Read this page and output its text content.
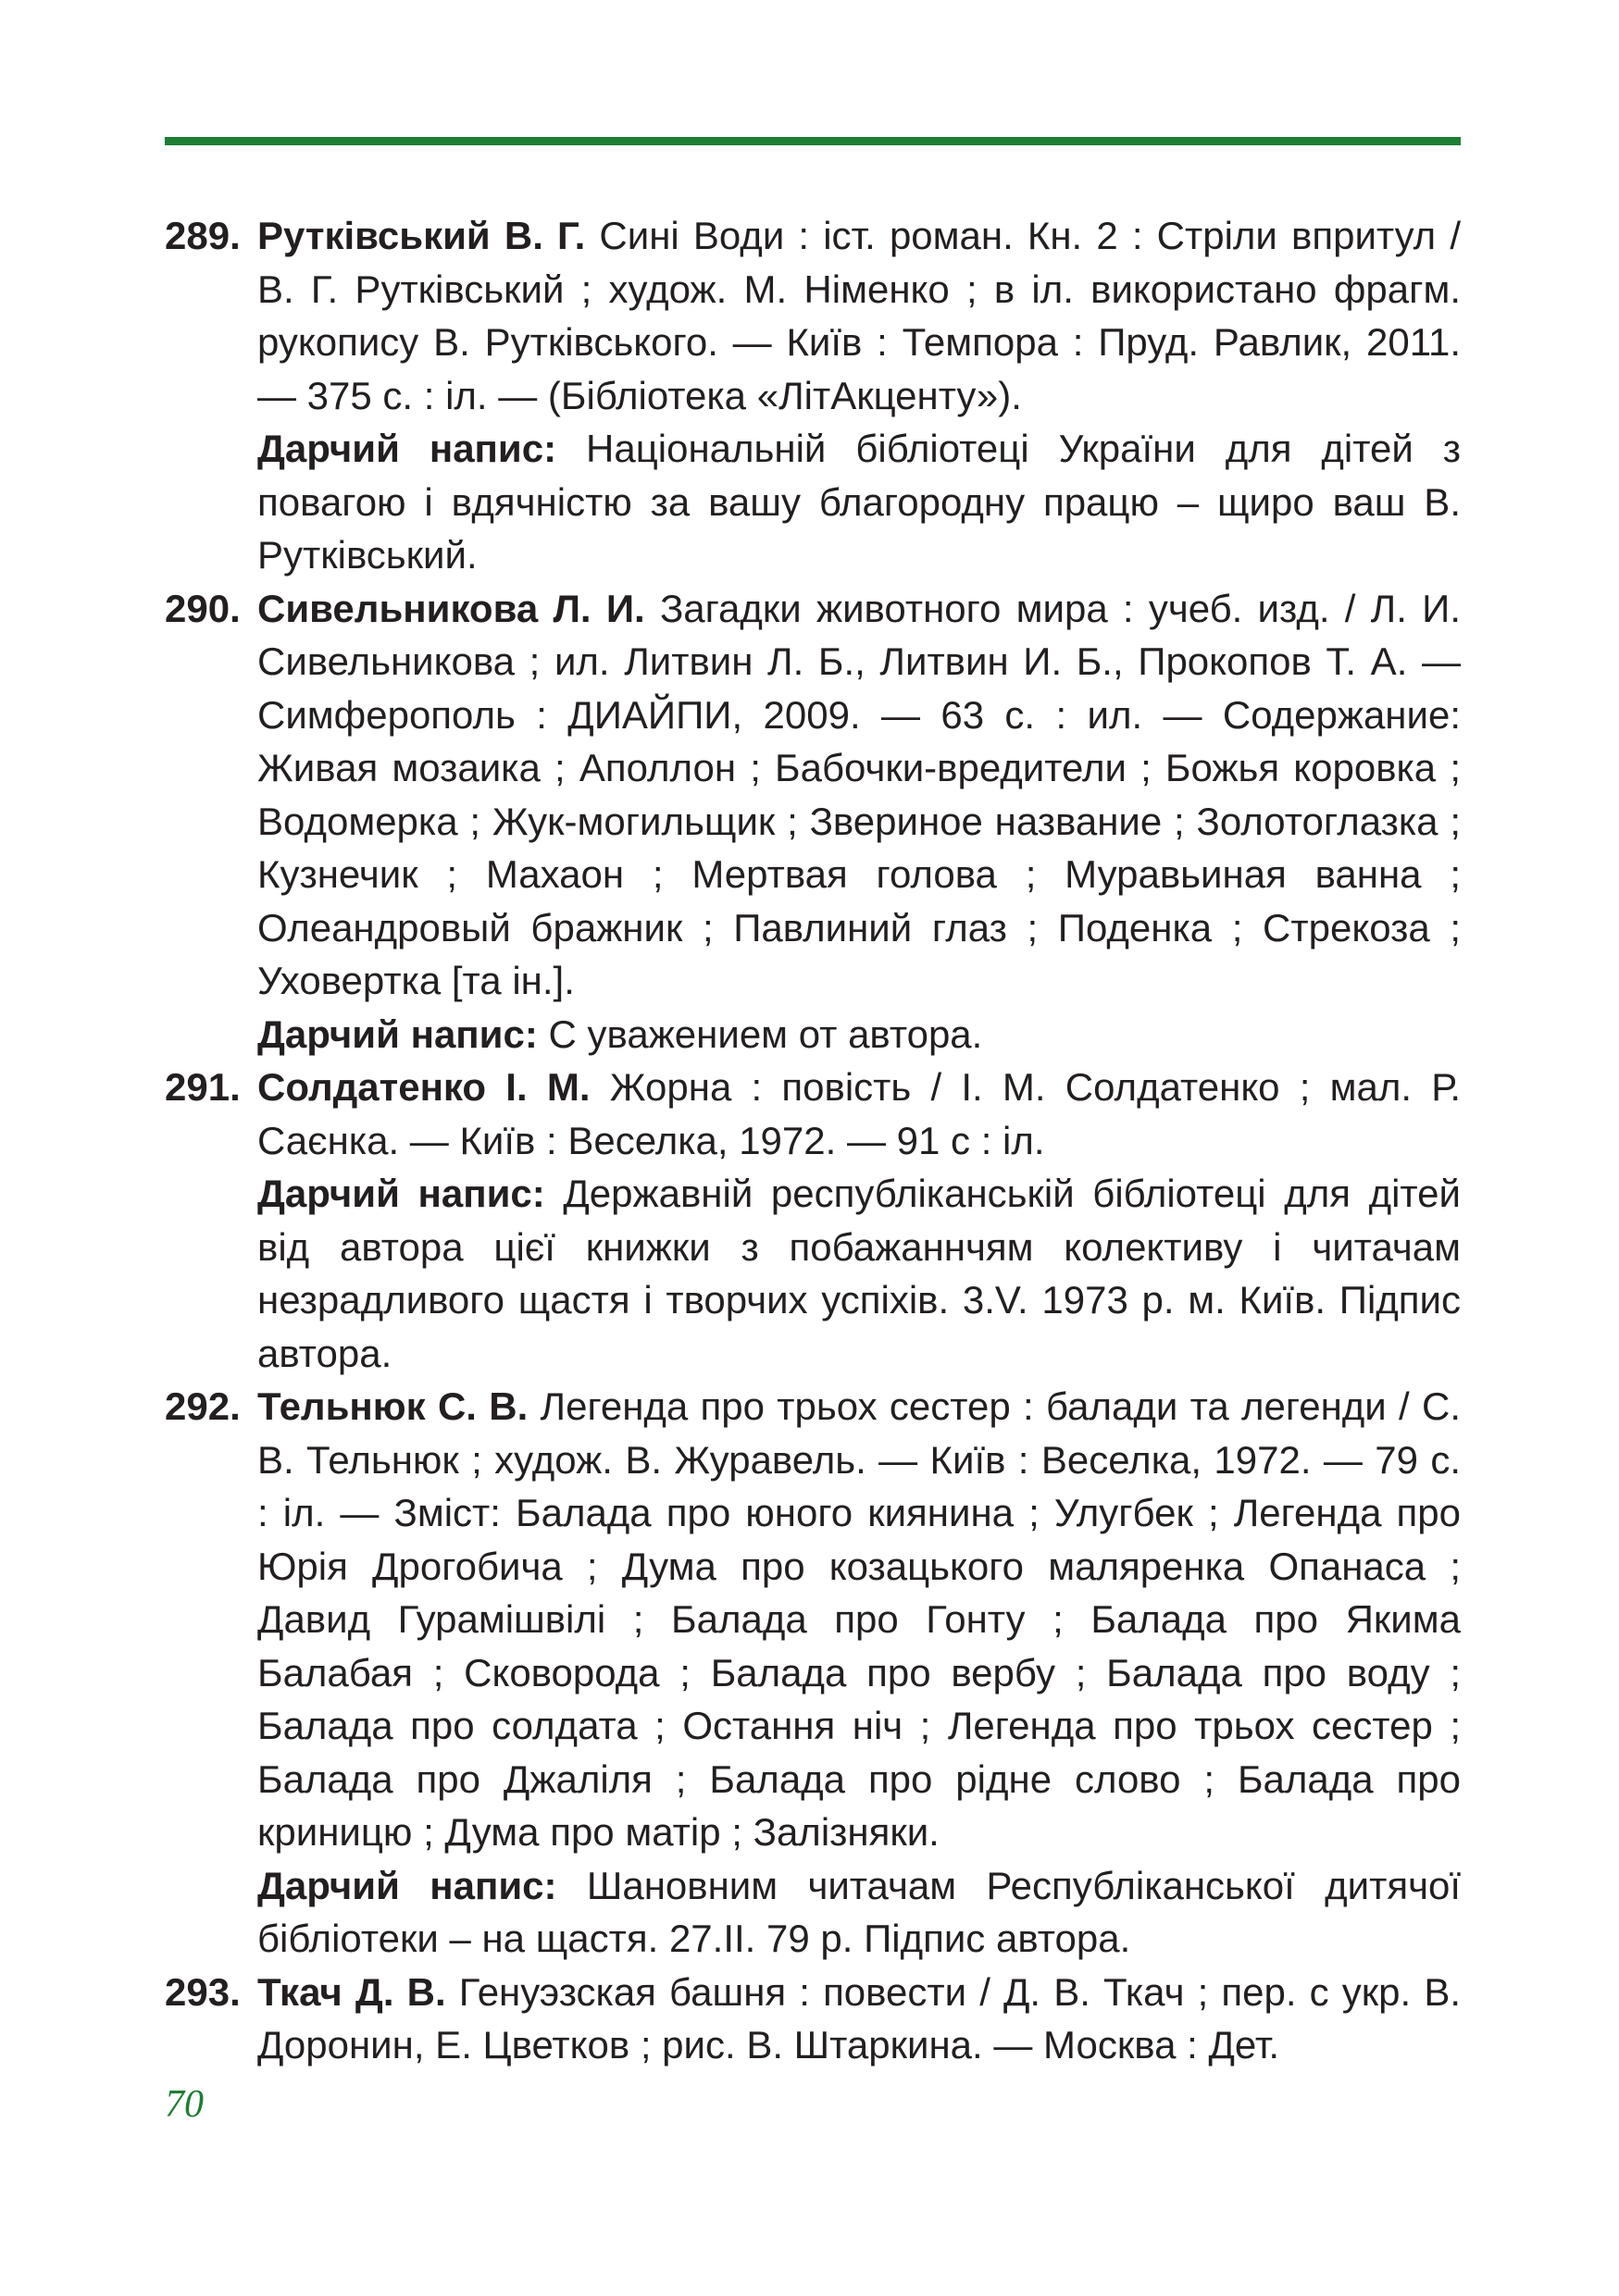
289. Рутківський В. Г. Сині Води : іст. роман. Кн. 2 : Стріли впритул / В. Г. Рутківський ; худож. М. Німенко ; в іл. використано фрагм. рукопису В. Рутківського. — Київ : Темпора : Пруд. Равлик, 2011. — 375 с. : іл. — (Бібліотека «ЛітАкценту»).
Дарчий напис: Національній бібліотеці України для дітей з повагою і вдячністю за вашу благородну працю – щиро ваш В. Рутківський.
290. Сивельникова Л. И. Загадки животного мира : учеб. изд. / Л. И. Сивельникова ; ил. Литвин Л. Б., Литвин И. Б., Прокопов Т. А. — Симферополь : ДИАЙПИ, 2009. — 63 с. : ил. — Содержание: Живая мозаика ; Аполлон ; Бабочки-вредители ; Божья коровка ; Водомерка ; Жук-могильщик ; Звериное название ; Золотоглазка ; Кузнечик ; Махаон ; Мертвая голова ; Муравьиная ванна ; Олеандровый бражник ; Павлиний глаз ; Поденка ; Стрекоза ; Уховертка [та ін.].
Дарчий напис: С уважением от автора.
291. Солдатенко І. М. Жорна : повість / І. М. Солдатенко ; мал. Р. Саєнка. — Київ : Веселка, 1972. — 91 с : іл.
Дарчий напис: Державній республіканській бібліотеці для дітей від автора цієї книжки з побажаннчям колективу і читачам незрадливого щастя і творчих успіхів. 3.V. 1973 р. м. Київ. Підпис автора.
292. Тельнюк С. В. Легенда про трьох сестер : балади та легенди / С. В. Тельнюк ; худож. В. Журавель. — Київ : Веселка, 1972. — 79 с. : іл. — Зміст: Балада про юного киянина ; Улугбек ; Легенда про Юрія Дрогобича ; Дума про козацького маляренка Опанаса ; Давид Гурамішвілі ; Балада про Гонту ; Балада про Якима Балабая ; Сковорода ; Балада про вербу ; Балада про воду ; Балада про солдата ; Остання ніч ; Легенда про трьох сестер ; Балада про Джаліля ; Балада про рідне слово ; Балада про криницю ; Дума про матір ; Залізняки.
Дарчий напис: Шановним читачам Республіканської дитячої бібліотеки – на щастя. 27.II. 79 р. Підпис автора.
293. Ткач Д. В. Генуэзская башня : повести / Д. В. Ткач ; пер. с укр. В. Доронин, Е. Цветков ; рис. В. Штаркина. — Москва : Дет.
70
